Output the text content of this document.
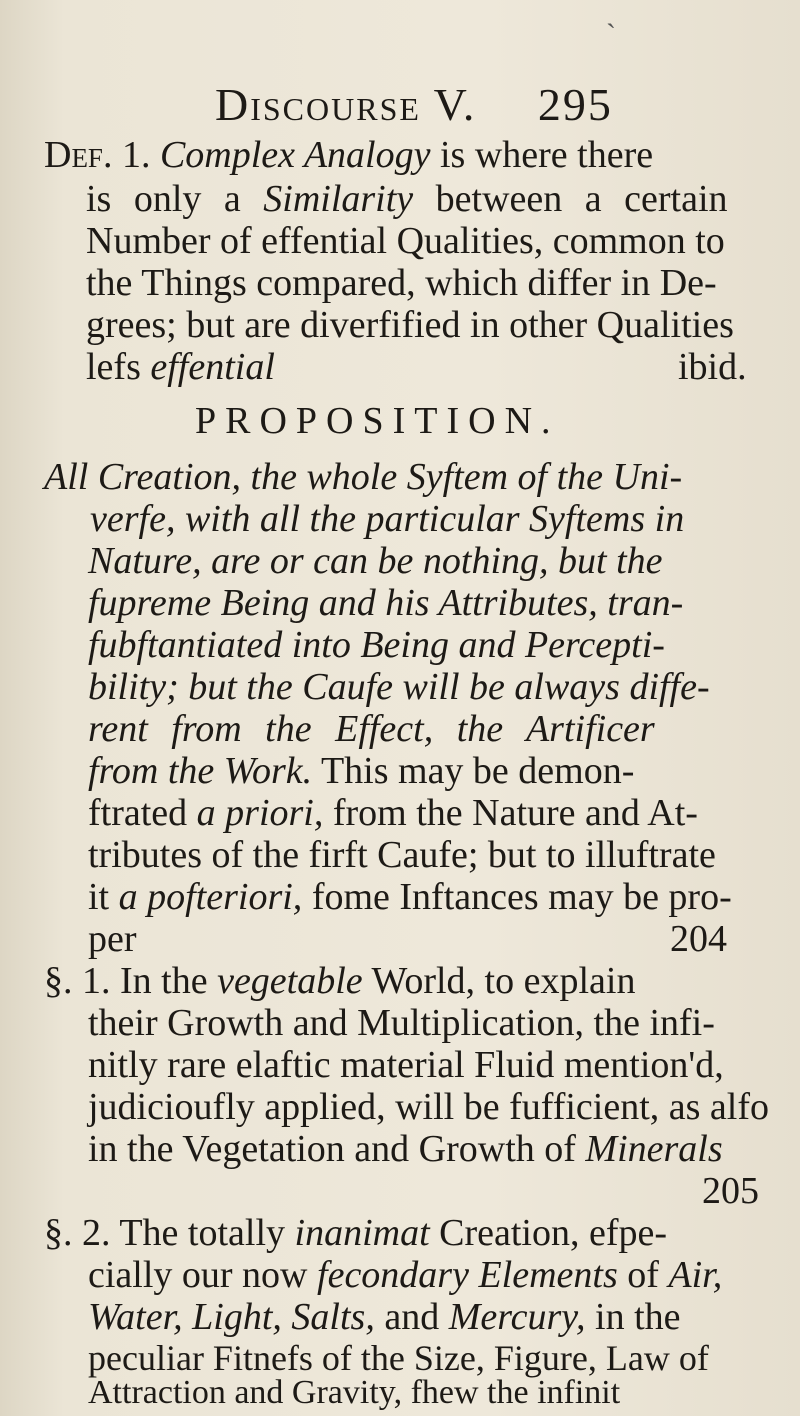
ˋ
Discourse V. 295
Def. 1. Complex Analogy is where there
is only a Similarity between a certain
Number of effential Qualities, common to
the Things compared, which differ in De-
grees; but are diverfified in other Qualities
lefs effential	ibid.
PROPOSITION.
All Creation, the whole Syftem of the Uni-
verfe, with all the particular Syftems in
Nature, are or can be nothing, but the
fupreme Being and his Attributes, tran-
fubftantiated into Being and Percepti-
bility; but the Caufe will be always diffe-
rent from the Effect, the Artificer
from the Work. This may be demon-
ftrated a priori, from the Nature and At-
tributes of the firft Caufe; but to illuftrate
it a pofteriori, fome Inftances may be pro-
per	204
§. 1. In the vegetable World, to explain
their Growth and Multiplication, the infi-
nitly rare elaftic material Fluid mention'd,
judicioufly applied, will be fufficient, as alfo
in the Vegetation and Growth of Minerals
205
§. 2. The totally inanimat Creation, efpe-
cially our now fecondary Elements of Air,
Water, Light, Salts, and Mercury, in the
peculiar Fitnefs of the Size, Figure, Law of
Attraction and Gravity, fhew the infinit
